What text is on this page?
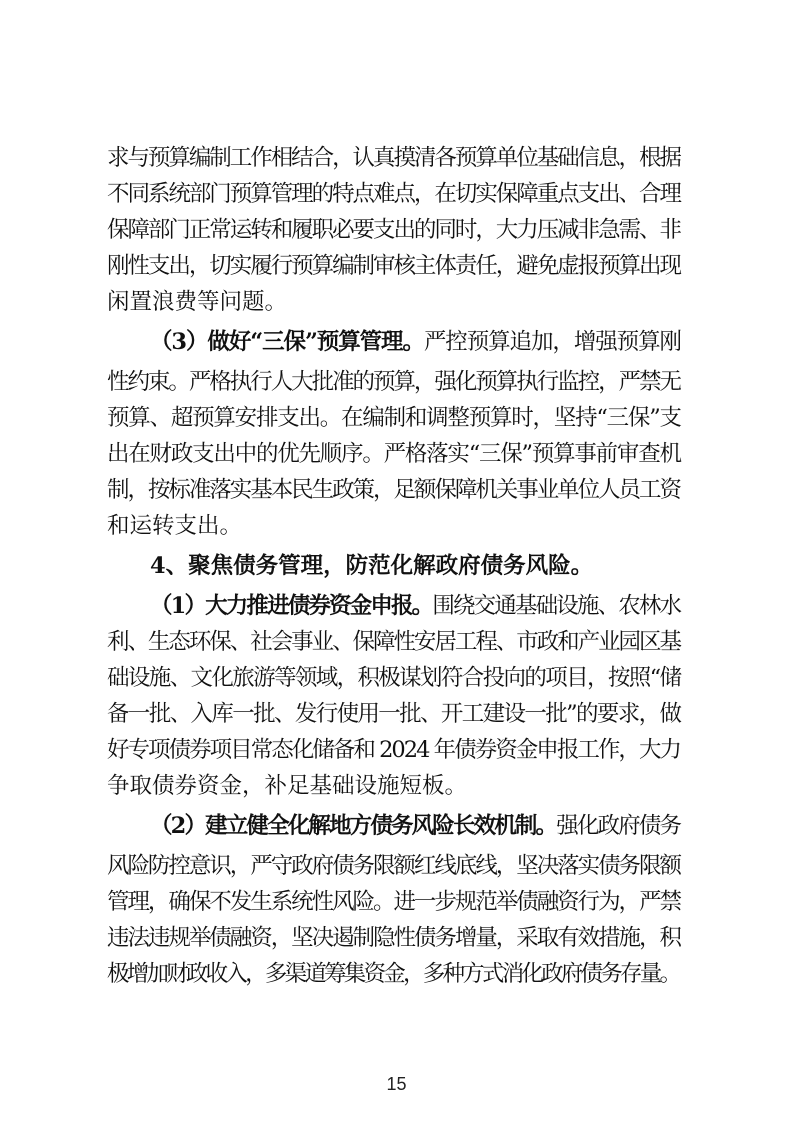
求与预算编制工作相结合，认真摸清各预算单位基础信息，根据
不同系统部门预算管理的特点难点，在切实保障重点支出、合理
保障部门正常运转和履职必要支出的同时，大力压减非急需、非
刚性支出，切实履行预算编制审核主体责任，避免虚报预算出现
闲置浪费等问题。
（3）做好“三保”预算管理。严控预算追加，增强预算刚
性约束。严格执行人大批准的预算，强化预算执行监控，严禁无
预算、超预算安排支出。在编制和调整预算时，坚持“三保”支
出在财政支出中的优先顺序。严格落实“三保”预算事前审查机
制，按标准落实基本民生政策，足额保障机关事业单位人员工资
和运转支出。
4、聚焦债务管理，防范化解政府债务风险。
（1）大力推进债券资金申报。围绕交通基础设施、农林水
利、生态环保、社会事业、保障性安居工程、市政和产业园区基
础设施、文化旅游等领域，积极谋划符合投向的项目，按照“储
备一批、入库一批、发行使用一批、开工建设一批”的要求，做
好专项债券项目常态化储备和 2024 年债券资金申报工作，大力
争取债券资金，补足基础设施短板。
（2）建立健全化解地方债务风险长效机制。强化政府债务
风险防控意识，严守政府债务限额红线底线，坚决落实债务限额
管理，确保不发生系统性风险。进一步规范举债融资行为，严禁
违法违规举债融资，坚决遏制隐性债务增量，采取有效措施，积
极增加财政收入，多渠道筹集资金，多种方式消化政府债务存量。
15
